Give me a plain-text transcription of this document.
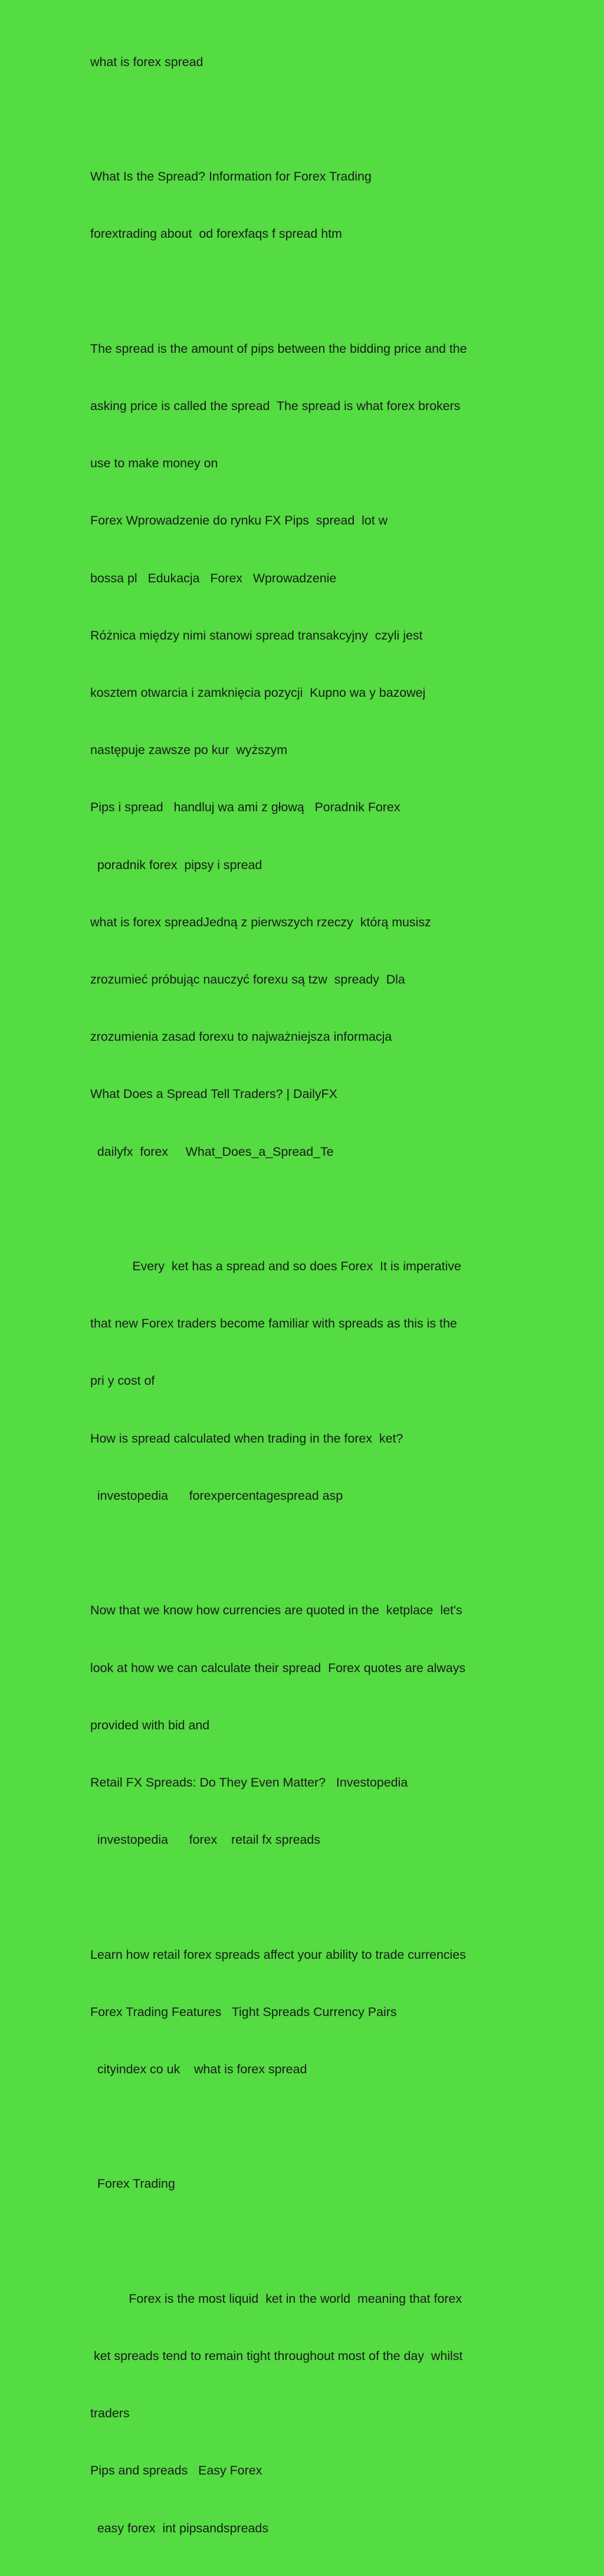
what is forex spread

What Is the Spread? Information for Forex Trading

forextrading about  od forexfaqs f spread htm

The spread is the amount of pips between the bidding price and the

asking price is called the spread  The spread is what forex brokers

use to make money on

Forex Wprowadzenie do rynku FX Pips  spread  lot w

bossa pl   Edukacja   Forex   Wprowadzenie

Różnica między nimi stanowi spread transakcyjny  czyli jest

kosztem otwarcia i zamknięcia pozycji  Kupno wa y bazowej

następuje zawsze po kur  wyższym

Pips i spread   handluj wa ami z głową   Poradnik Forex

poradnik forex  pipsy i spread

what is forex spreadJedną z pierwszych rzeczy  którą musisz

zrozumieć próbując nauczyć forexu są tzw  spready  Dla

zrozumienia zasad forexu to najważniejsza informacja

What Does a Spread Tell Traders? | DailyFX

dailyfx  forex     What_Does_a_Spread_Te

Every  ket has a spread and so does Forex  It is imperative

that new Forex traders become familiar with spreads as this is the

pri y cost of

How is spread calculated when trading in the forex  ket?

investopedia      forexpercentagespread asp

Now that we know how currencies are quoted in the  ketplace  let's

look at how we can calculate their spread  Forex quotes are always

provided with bid and

Retail FX Spreads: Do They Even Matter?   Investopedia

investopedia      forex    retail fx spreads

Learn how retail forex spreads affect your ability to trade currencies

Forex Trading Features   Tight Spreads Currency Pairs

cityindex co uk    what is forex spread

Forex Trading

Forex is the most liquid  ket in the world  meaning that forex

ket spreads tend to remain tight throughout most of the day  whilst

traders

Pips and spreads   Easy Forex

easy forex  int pipsandspreads
